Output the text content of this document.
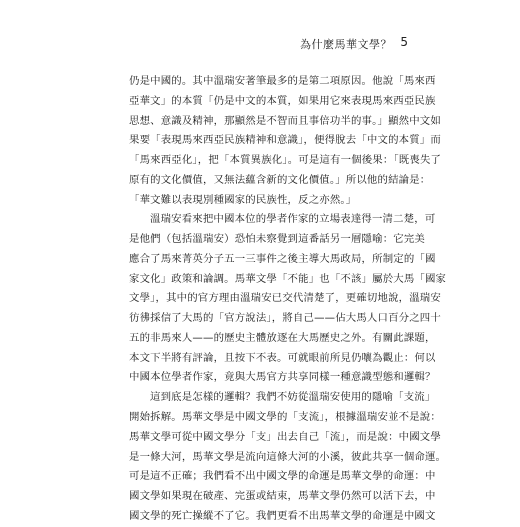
為什麼馬華文學？ 5
仍是中國的。其中溫瑞安著筆最多的是第二項原因。他說「馬來西
亞華文」的本質「仍是中文的本質，如果用它來表現馬來西亞民族
思想、意識及精神，那顯然是不智而且事倍功半的事。」顯然中文如
果要「表現馬來西亞民族精神和意識」，便得脫去「中文的本質」而
「馬來西亞化」，把「本質異族化」。可是這有一個後果：「既喪失了
原有的文化價值，又無法蘊含新的文化價值。」所以他的結論是：
「華文難以表現別種國家的民族性，反之亦然。」
溫瑞安看來把中國本位的學者作家的立場表達得一清二楚，可
是他們（包括溫瑞安）恐怕未察覺到這番話另一層隱喻：它完美
應合了馬來菁英分子五一三事件之後主導大馬政局，所制定的「國
家文化」政策和論調。馬華文學「不能」也「不該」屬於大馬「國家
文學」，其中的官方理由溫瑞安已交代清楚了，更確切地說，溫瑞安
彷彿採信了大馬的「官方說法」，將自己——佔大馬人口百分之四十
五的非馬來人——的歷史主體放逐在大馬歷史之外。有關此課題，
本文下半將有評論，且按下不表。可就眼前所見仍嚷為觀止：何以
中國本位學者作家，竟與大馬官方共享同樣一種意識型態和邏輯？
這到底是怎樣的邏輯？我們不妨從溫瑞安使用的隱喻「支流」
開始拆解。馬華文學是中國文學的「支流」，根據溫瑞安並不是說：
馬華文學可從中國文學分「支」出去自己「流」，而是說：中國文學
是一條大河，馬華文學是流向這條大河的小溪，彼此共享一個命運。
可是這不正確；我們看不出中國文學的命運是馬華文學的命運：中
國文學如果現在破產、完蛋或結束，馬華文學仍然可以活下去，中
國文學的死亡操縱不了它。我們更看不出馬華文學的命運是中國文
